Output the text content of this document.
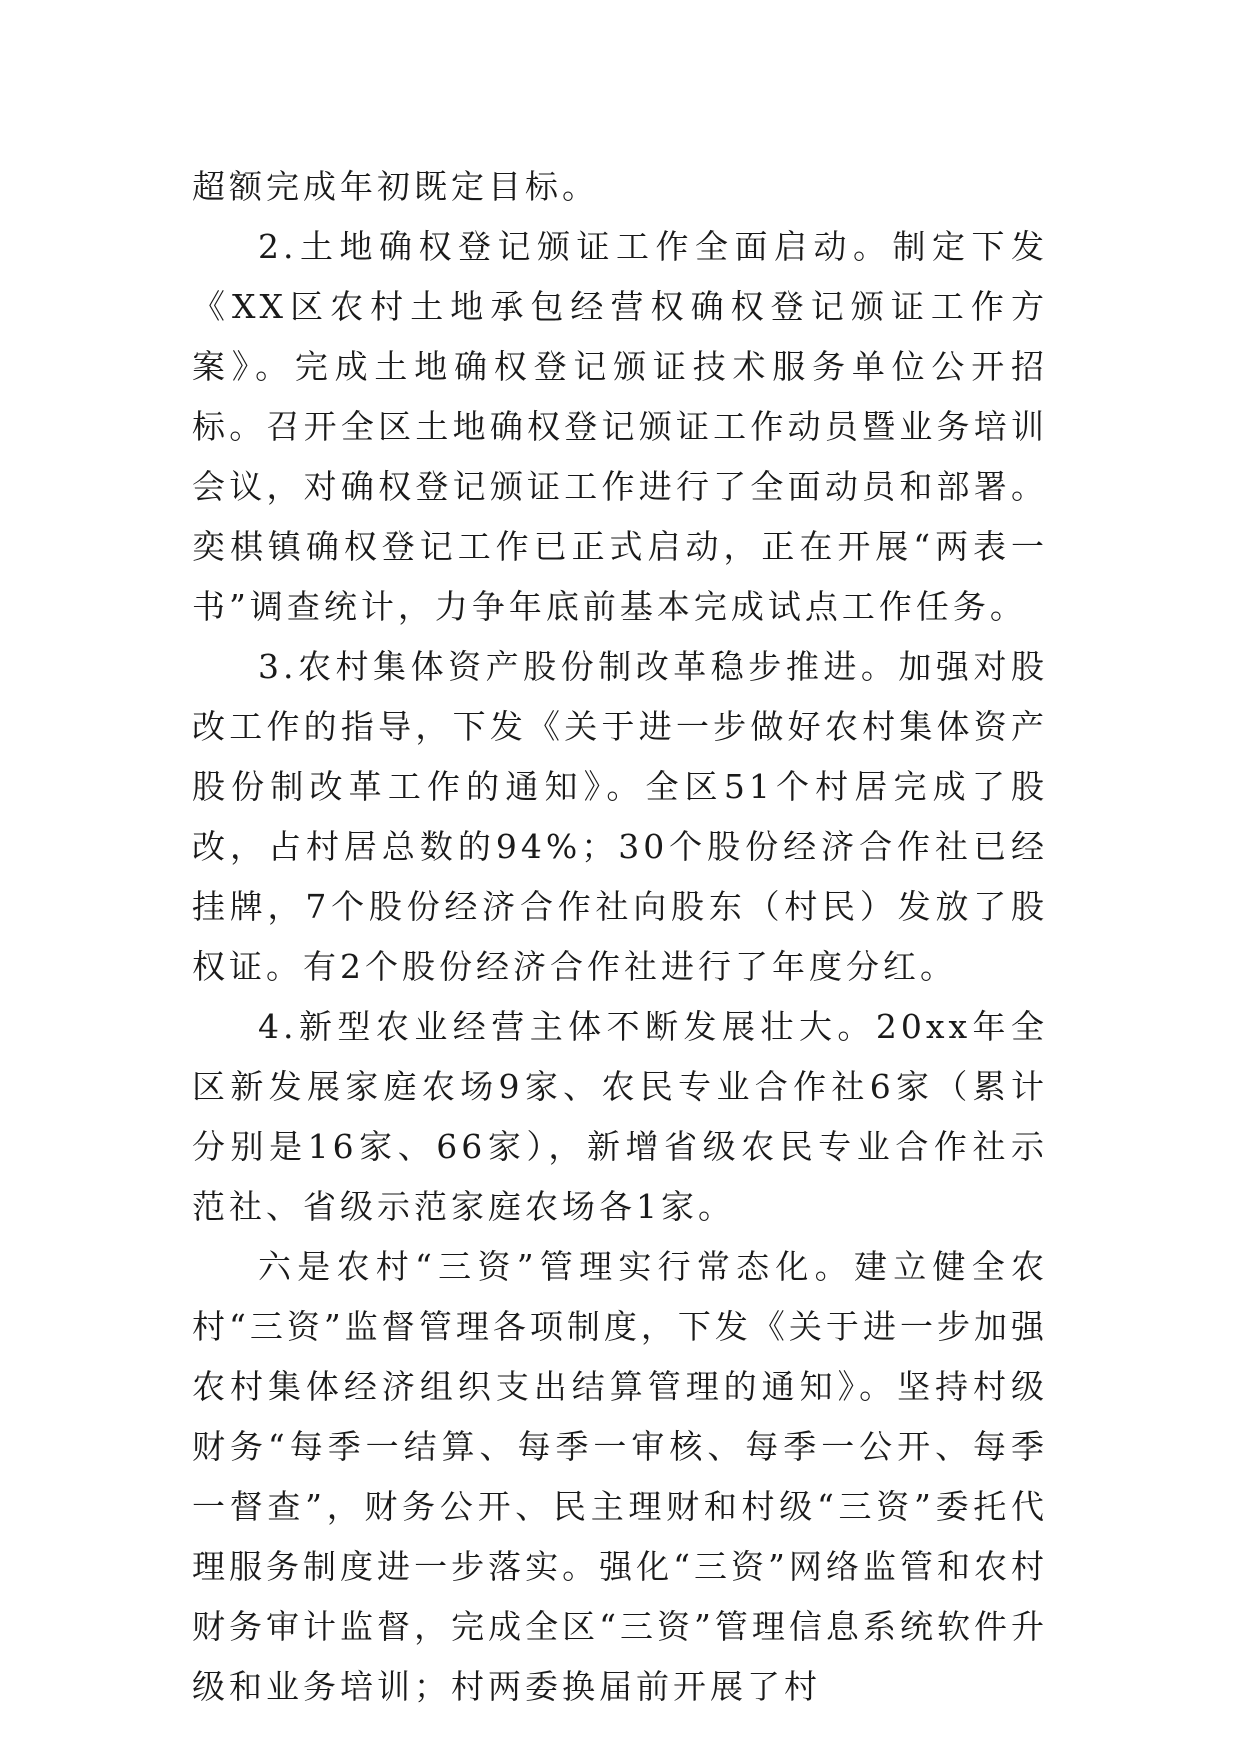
超额完成年初既定目标。

2.土地确权登记颁证工作全面启动。制定下发《XX区农村土地承包经营权确权登记颁证工作方案》。完成土地确权登记颁证技术服务单位公开招标。召开全区土地确权登记颁证工作动员暨业务培训会议，对确权登记颁证工作进行了全面动员和部署。奕棋镇确权登记工作已正式启动，正在开展“两表一书”调查统计，力争年底前基本完成试点工作任务。

3.农村集体资产股份制改革稳步推进。加强对股改工作的指导，下发《关于进一步做好农村集体资产股份制改革工作的通知》。全区51个村居完成了股改，占村居总数的94%；30个股份经济合作社已经挂牌，7个股份经济合作社向股东（村民）发放了股权证。有2个股份经济合作社进行了年度分红。

4.新型农业经营主体不断发展壮大。20xx年全区新发展家庭农场9家、农民专业合作社6家（累计分别是16家、66家），新增省级农民专业合作社示范社、省级示范家庭农场各1家。

六是农村“三资”管理实行常态化。建立健全农村“三资”监督管理各项制度，下发《关于进一步加强农村集体经济组织支出结算管理的通知》。坚持村级财务“每季一结算、每季一审核、每季一公开、每季一督查”，财务公开、民主理财和村级“三资”委托代理服务制度进一步落实。强化“三资”网络监管和农村财务审计监督，完成全区“三资”管理信息系统软件升级和业务培训；村两委换届前开展了村
